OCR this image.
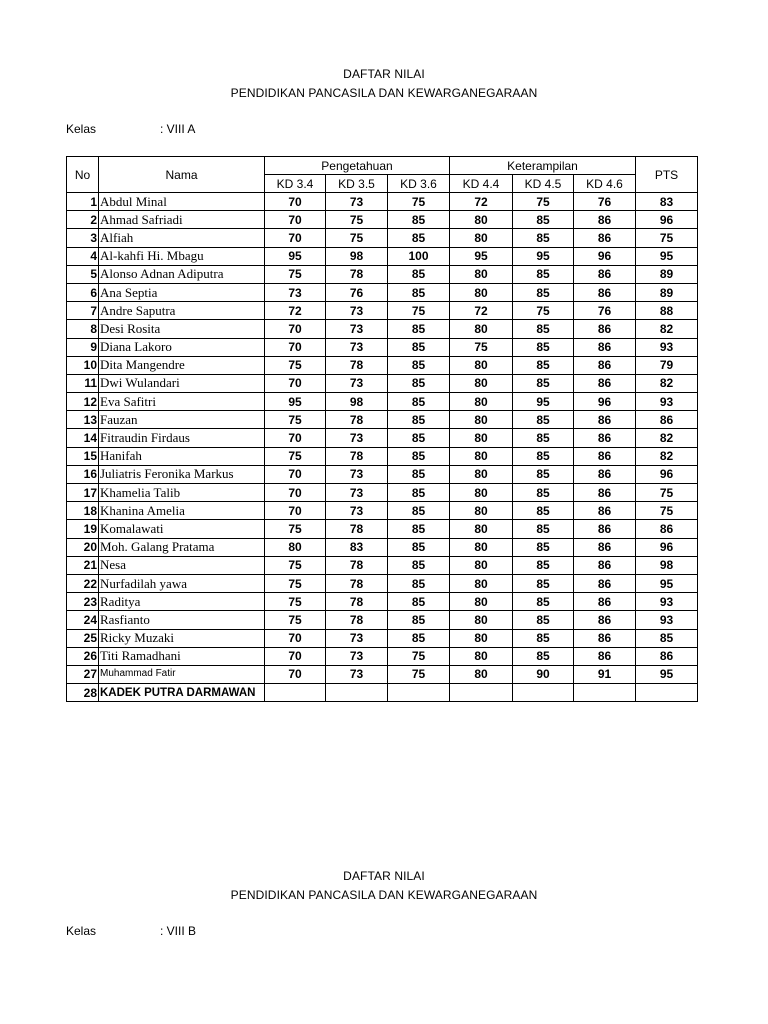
DAFTAR NILAI
PENDIDIKAN PANCASILA DAN KEWARGANEGARAAN
Kelas	: VIII A
No	Nama	Pengetahuan			Keterampilan			PTS
		KD 3.4	KD 3.5	KD 3.6	KD 4.4	KD 4.5	KD 4.6	
1	Abdul Minal	70	73	75	72	75	76	83
2	Ahmad Safriadi	70	75	85	80	85	86	96
3	Alfiah	70	75	85	80	85	86	75
4	Al-kahfi Hi. Mbagu	95	98	100	95	95	96	95
5	Alonso Adnan Adiputra	75	78	85	80	85	86	89
6	Ana Septia	73	76	85	80	85	86	89
7	Andre Saputra	72	73	75	72	75	76	88
8	Desi Rosita	70	73	85	80	85	86	82
9	Diana Lakoro	70	73	85	75	85	86	93
10	Dita Mangendre	75	78	85	80	85	86	79
11	Dwi Wulandari	70	73	85	80	85	86	82
12	Eva Safitri	95	98	85	80	95	96	93
13	Fauzan	75	78	85	80	85	86	86
14	Fitraudin Firdaus	70	73	85	80	85	86	82
15	Hanifah	75	78	85	80	85	86	82
16	Juliatris Feronika Markus	70	73	85	80	85	86	96
17	Khamelia Talib	70	73	85	80	85	86	75
18	Khanina Amelia	70	73	85	80	85	86	75
19	Komalawati	75	78	85	80	85	86	86
20	Moh. Galang Pratama	80	83	85	80	85	86	96
21	Nesa	75	78	85	80	85	86	98
22	Nurfadilah yawa	75	78	85	80	85	86	95
23	Raditya	75	78	85	80	85	86	93
24	Rasfianto	75	78	85	80	85	86	93
25	Ricky Muzaki	70	73	85	80	85	86	85
26	Titi Ramadhani	70	73	75	80	85	86	86
27	Muhammad Fatir	70	73	75	80	90	91	95
28	KADEK PUTRA DARMAWAN							
DAFTAR NILAI
PENDIDIKAN PANCASILA DAN KEWARGANEGARAAN
Kelas	: VIII B
